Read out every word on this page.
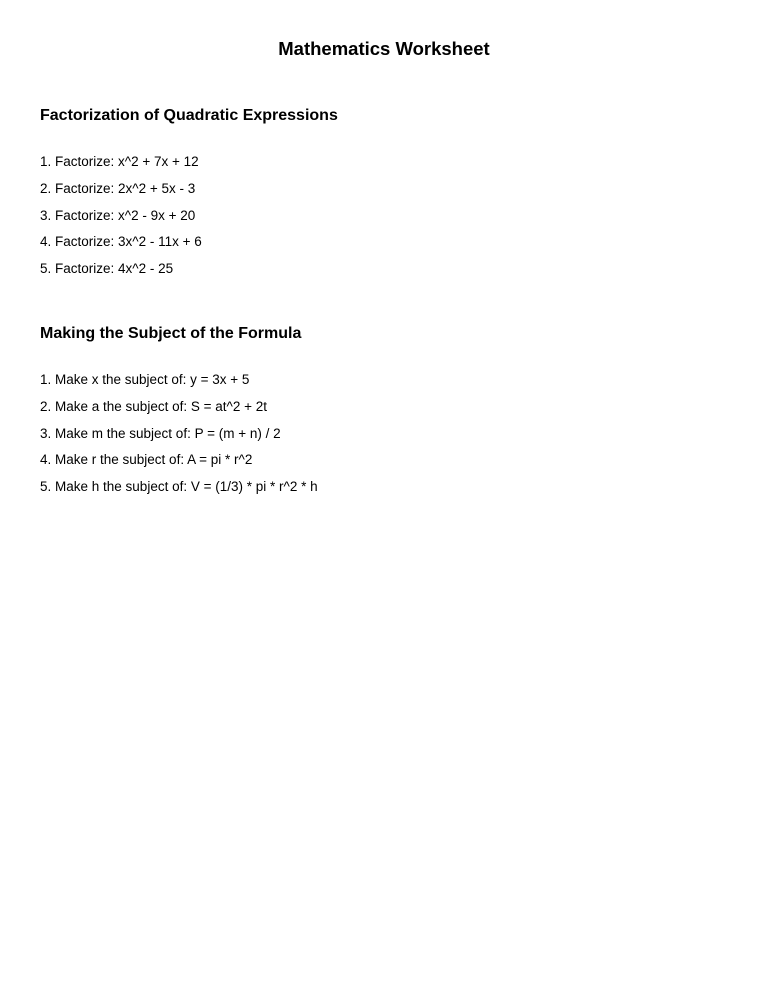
Mathematics Worksheet
Factorization of Quadratic Expressions
1. Factorize: x^2 + 7x + 12
2. Factorize: 2x^2 + 5x - 3
3. Factorize: x^2 - 9x + 20
4. Factorize: 3x^2 - 11x + 6
5. Factorize: 4x^2 - 25
Making the Subject of the Formula
1. Make x the subject of: y = 3x + 5
2. Make a the subject of: S = at^2 + 2t
3. Make m the subject of: P = (m + n) / 2
4. Make r the subject of: A = pi * r^2
5. Make h the subject of: V = (1/3) * pi * r^2 * h
